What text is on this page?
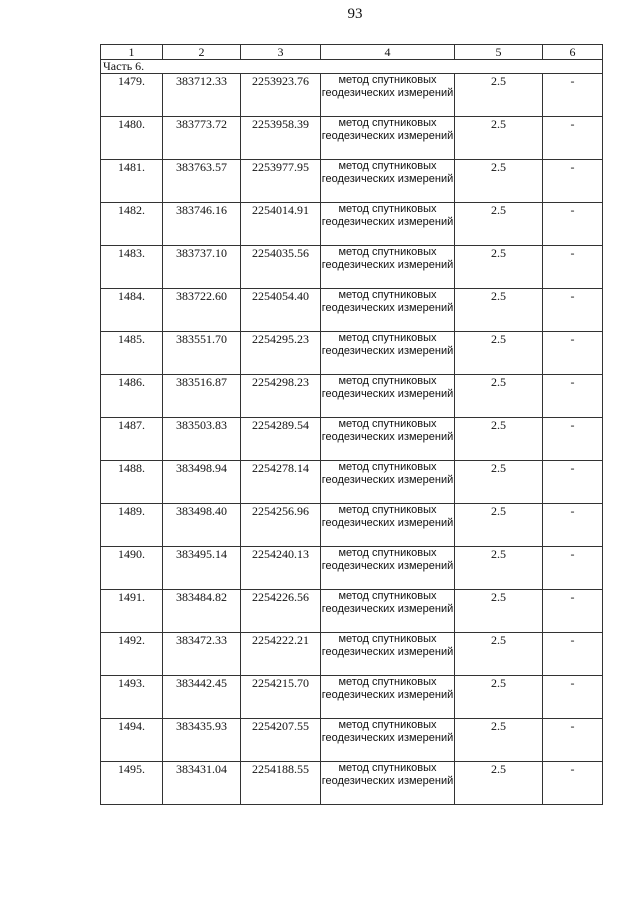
93
1	2	3	4	5	6
Часть 6.					
1479.	383712.33	2253923.76	метод спутниковых геодезических измерений	2.5	-
1480.	383773.72	2253958.39	метод спутниковых геодезических измерений	2.5	-
1481.	383763.57	2253977.95	метод спутниковых геодезических измерений	2.5	-
1482.	383746.16	2254014.91	метод спутниковых геодезических измерений	2.5	-
1483.	383737.10	2254035.56	метод спутниковых геодезических измерений	2.5	-
1484.	383722.60	2254054.40	метод спутниковых геодезических измерений	2.5	-
1485.	383551.70	2254295.23	метод спутниковых геодезических измерений	2.5	-
1486.	383516.87	2254298.23	метод спутниковых геодезических измерений	2.5	-
1487.	383503.83	2254289.54	метод спутниковых геодезических измерений	2.5	-
1488.	383498.94	2254278.14	метод спутниковых геодезических измерений	2.5	-
1489.	383498.40	2254256.96	метод спутниковых геодезических измерений	2.5	-
1490.	383495.14	2254240.13	метод спутниковых геодезических измерений	2.5	-
1491.	383484.82	2254226.56	метод спутниковых геодезических измерений	2.5	-
1492.	383472.33	2254222.21	метод спутниковых геодезических измерений	2.5	-
1493.	383442.45	2254215.70	метод спутниковых геодезических измерений	2.5	-
1494.	383435.93	2254207.55	метод спутниковых геодезических измерений	2.5	-
1495.	383431.04	2254188.55	метод спутниковых геодезических измерений	2.5	-
